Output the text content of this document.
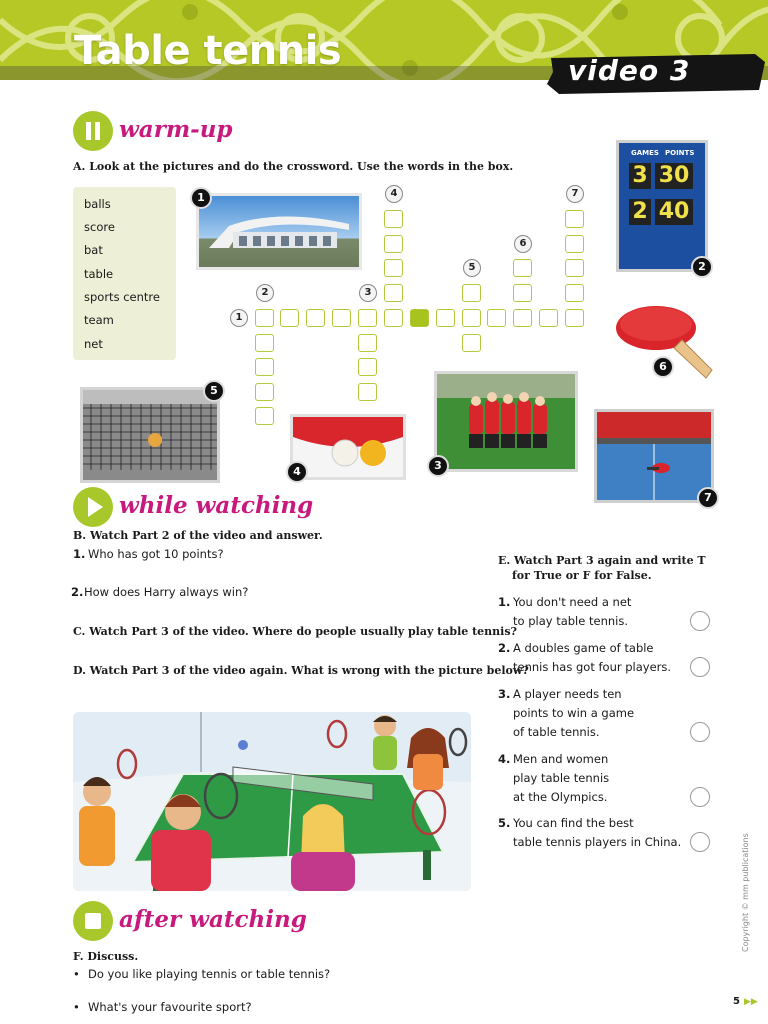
Table tennis	video 3
warm-up
A. Look at the pictures and do the crossword. Use the words in the box.
balls
score
bat
table
sports centre
team
net
1
GAMES POINTS
3 30
2 40
2
6
5
4	3
7
1
2	3
4
5
6
7
while watching
B. Watch Part 2 of the video and answer.
1. Who has got 10 points?
2. How does Harry always win?
C. Watch Part 3 of the video. Where do people usually play table tennis?
D. Watch Part 3 of the video again. What is wrong with the picture below?
E. Watch Part 3 again and write T
for True or F for False.
1. You don't need a net
to play table tennis.
2. A doubles game of table
tennis has got four players.
3. A player needs ten
points to win a game
of table tennis.
4. Men and women
play table tennis
at the Olympics.
5. You can find the best
table tennis players in China.
after watching
F. Discuss.
• Do you like playing tennis or table tennis?
• What's your favourite sport?
Copyright © mm publications
5 ▶▶
